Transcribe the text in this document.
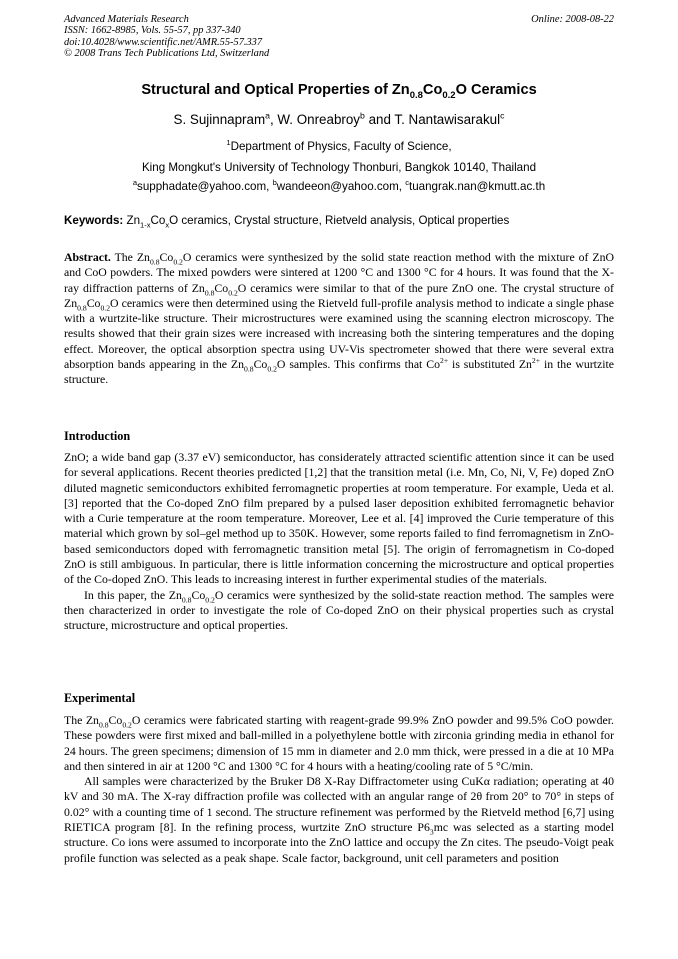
Advanced Materials Research
ISSN: 1662-8985, Vols. 55-57, pp 337-340
doi:10.4028/www.scientific.net/AMR.55-57.337
© 2008 Trans Tech Publications Ltd, Switzerland
Online: 2008-08-22
Structural and Optical Properties of $Zn_{0.8}Co_{0.2}O$ Ceramics
S. Sujinnapram$^a$, W. Onreabroy$^b$ and T. Nantawisarakul$^c$
$^1$Department of Physics, Faculty of Science,
King Mongkut's University of Technology Thonburi, Bangkok 10140, Thailand
$^a$supphadate@yahoo.com, $^b$wandeeon@yahoo.com, $^c$tuangrak.nan@kmutt.ac.th
Keywords: $Zn_{1-x}Co_xO$ ceramics, Crystal structure, Rietveld analysis, Optical properties

Abstract. The $Zn_{0.8}Co_{0.2}O$ ceramics were synthesized by the solid state reaction method with the mixture of ZnO and CoO powders. The mixed powders were sintered at 1200 °C and 1300 °C for 4 hours. It was found that the X-ray diffraction patterns of $Zn_{0.8}Co_{0.2}O$ ceramics were similar to that of the pure ZnO one. The crystal structure of $Zn_{0.8}Co_{0.2}O$ ceramics were then determined using the Rietveld full-profile analysis method to indicate a single phase with a wurtzite-like structure. Their microstructures were examined using the scanning electron microscopy. The results showed that their grain sizes were increased with increasing both the sintering temperatures and the doping effect. Moreover, the optical absorption spectra using UV-Vis spectrometer showed that there were several extra absorption bands appearing in the $Zn_{0.8}Co_{0.2}O$ samples. This confirms that $Co^{2+}$ is substituted $Zn^{2+}$ in the wurtzite structure.

Introduction

ZnO; a wide band gap (3.37 eV) semiconductor, has considerately attracted scientific attention since it can be used for several applications. Recent theories predicted [1,2] that the transition metal (i.e. Mn, Co, Ni, V, Fe) doped ZnO diluted magnetic semiconductors exhibited ferromagnetic properties at room temperature. For example, Ueda et al. [3] reported that the Co-doped ZnO film prepared by a pulsed laser deposition exhibited ferromagnetic behavior with a Curie temperature at the room temperature. Moreover, Lee et al. [4] improved the Curie temperature of this material which grown by sol–gel method up to 350K. However, some reports failed to find ferromagnetism in ZnO-based semiconductors doped with ferromagnetic transition metal [5]. The origin of ferromagnetism in Co-doped ZnO is still ambiguous. In particular, there is little information concerning the microstructure and optical properties of the Co-doped ZnO. This leads to increasing interest in further experimental studies of the materials.

In this paper, the $Zn_{0.8}Co_{0.2}O$ ceramics were synthesized by the solid-state reaction method. The samples were then characterized in order to investigate the role of Co-doped ZnO on their physical properties such as crystal structure, microstructure and optical properties.

Experimental

The $Zn_{0.8}Co_{0.2}O$ ceramics were fabricated starting with reagent-grade 99.9% ZnO powder and 99.5% CoO powder. These powders were first mixed and ball-milled in a polyethylene bottle with zirconia grinding media in ethanol for 24 hours. The green specimens; dimension of 15 mm in diameter and 2.0 mm thick, were pressed in a die at 10 MPa and then sintered in air at 1200 °C and 1300 °C for 4 hours with a heating/cooling rate of 5 °C/min.

All samples were characterized by the Bruker D8 X-Ray Diffractometer using CuKα radiation; operating at 40 kV and 30 mA. The X-ray diffraction profile was collected with an angular range of 2θ from 20° to 70° in steps of 0.02° with a counting time of 1 second. The structure refinement was performed by the Rietveld method [6,7] using RIETICA program [8]. In the refining process, wurtzite ZnO structure $P6_3mc$ was selected as a starting model structure. Co ions were assumed to incorporate into the ZnO lattice and occupy the Zn cites. The pseudo-Voigt peak profile function was selected as a peak shape. Scale factor, background, unit cell parameters and position
